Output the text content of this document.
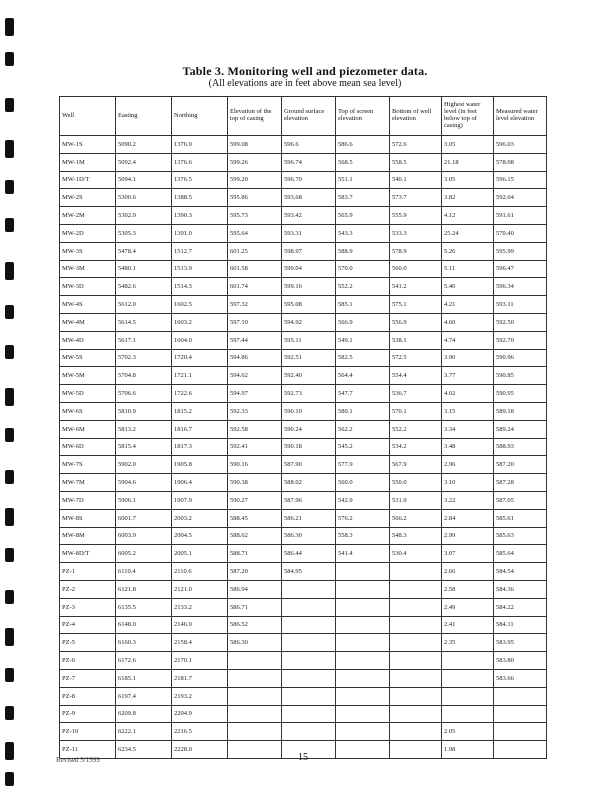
Table 3. Monitoring well and piezometer data.
(All elevations are in feet above mean sea level)
Well	Easting	Northing	Elevation of the top of casing	Ground surface elevation	Top of screen elevation	Bottom of well elevation	Highest water level (in feet below top of casing)	Measured water level elevation
MW-1S	5090.2	1376.9	599.08	596.6	586.6	572.6	3.05	596.03
MW-1M	5092.4	1376.6	599.26	596.74	568.5	558.5	21.18	578.08
MW-1D/T	5094.1	1376.5	599.20	596.70	551.1	540.1	3.05	596.15
MW-2S	5300.6	1388.5	595.86	593.68	583.7	573.7	3.82	592.04
MW-2M	5302.9	1390.3	595.73	593.42	565.9	555.9	4.12	591.61
MW-2D	5305.3	1391.0	595.64	593.31	543.3	533.3	25.24	570.40
MW-3S	5478.4	1512.7	601.25	598.97	588.9	578.9	5.26	595.99
MW-3M	5480.1	1513.9	601.58	599.04	570.0	560.0	5.11	596.47
MW-3D	5482.6	1514.3	601.74	599.16	552.2	541.2	5.40	596.34
MW-4S	5612.0	1602.5	597.32	595.08	585.1	575.1	4.21	593.11
MW-4M	5614.5	1603.2	597.10	594.92	566.9	556.9	4.60	592.50
MW-4D	5617.1	1604.0	597.44	595.11	549.1	538.1	4.74	592.70
MW-5S	5702.3	1720.4	594.86	592.51	582.5	572.5	3.90	590.96
MW-5M	5704.8	1721.1	594.62	592.40	564.4	554.4	3.77	590.85
MW-5D	5706.6	1722.6	594.97	592.73	547.7	536.7	4.02	590.95
MW-6S	5810.9	1815.2	592.33	590.10	580.1	570.1	3.15	589.18
MW-6M	5813.2	1816.7	592.58	590.24	562.2	552.2	3.34	589.24
MW-6D	5815.4	1817.3	592.41	590.18	545.2	534.2	3.48	588.93
MW-7S	5902.0	1905.8	590.16	587.90	577.9	567.9	2.96	587.20
MW-7M	5904.6	1906.4	590.38	588.02	560.0	550.0	3.10	587.28
MW-7D	5906.1	1907.9	590.27	587.96	542.9	531.9	3.22	587.05
MW-8S	6001.7	2003.2	588.45	586.21	576.2	566.2	2.84	585.61
MW-8M	6003.9	2004.5	588.62	586.30	558.3	548.3	2.99	585.63
MW-8D/T	6005.2	2005.1	588.71	586.44	541.4	530.4	3.07	585.64
PZ-1	6110.4	2110.6	587.20	584.95			2.66	584.54
PZ-2	6121.8	2121.0	586.94				2.58	584.36
PZ-3	6135.5	2133.2	586.71				2.49	584.22
PZ-4	6148.0	2146.9	586.52				2.41	584.11
PZ-5	6160.3	2158.4	586.30				2.35	583.95
PZ-6	6172.6	2170.1						583.80
PZ-7	6185.1	2181.7						583.66
PZ-8	6197.4	2193.2						
PZ-9	6209.8	2204.9						
PZ-10	6222.1	2216.5					2.05	
PZ-11	6234.5	2228.0					1.98	
Revised 5/1999	15
